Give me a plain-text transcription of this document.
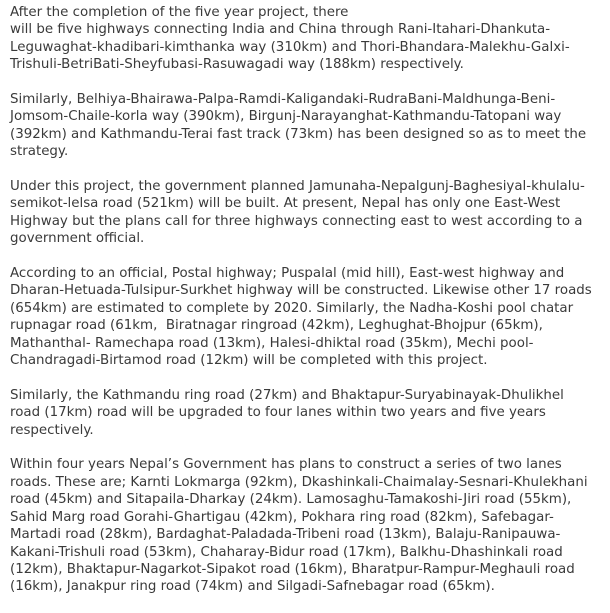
After the completion of the five year project, there
will be five highways connecting India and China through Rani-Itahari-Dhankuta-
Leguwaghat-khadibari-kimthanka way (310km) and Thori-Bhandara-Malekhu-Galxi-
Trishuli-BetriBati-Sheyfubasi-Rasuwagadi way (188km) respectively.
Similarly, Belhiya-Bhairawa-Palpa-Ramdi-Kaligandaki-RudraBani-Maldhunga-Beni-
Jomsom-Chaile-korla way (390km), Birgunj-Narayanghat-Kathmandu-Tatopani way
(392km) and Kathmandu-Terai fast track (73km) has been designed so as to meet the
strategy.
Under this project, the government planned Jamunaha-Nepalgunj-Baghesiyal-khulalu-
semikot-lelsa road (521km) will be built. At present, Nepal has only one East-West
Highway but the plans call for three highways connecting east to west according to a
government official.
According to an official, Postal highway; Puspalal (mid hill), East-west highway and
Dharan-Hetuada-Tulsipur-Surkhet highway will be constructed. Likewise other 17 roads
(654km) are estimated to complete by 2020. Similarly, the Nadha-Koshi pool chatar
rupnagar road (61km,  Biratnagar ringroad (42km), Leghughat-Bhojpur (65km),
Mathanthal- Ramechapa road (13km), Halesi-dhiktal road (35km), Mechi pool-
Chandragadi-Birtamod road (12km) will be completed with this project.
Similarly, the Kathmandu ring road (27km) and Bhaktapur-Suryabinayak-Dhulikhel
road (17km) road will be upgraded to four lanes within two years and five years
respectively.
Within four years Nepal’s Government has plans to construct a series of two lanes
roads. These are; Karnti Lokmarga (92km), Dkashinkali-Chaimalay-Sesnari-Khulekhani
road (45km) and Sitapaila-Dharkay (24km). Lamosaghu-Tamakoshi-Jiri road (55km),
Sahid Marg road Gorahi-Ghartigau (42km), Pokhara ring road (82km), Safebagar-
Martadi road (28km), Bardaghat-Paladada-Tribeni road (13km), Balaju-Ranipauwa-
Kakani-Trishuli road (53km), Chaharay-Bidur road (17km), Balkhu-Dhashinkali road
(12km), Bhaktapur-Nagarkot-Sipakot road (16km), Bharatpur-Rampur-Meghauli road
(16km), Janakpur ring road (74km) and Silgadi-Safnebagar road (65km).
